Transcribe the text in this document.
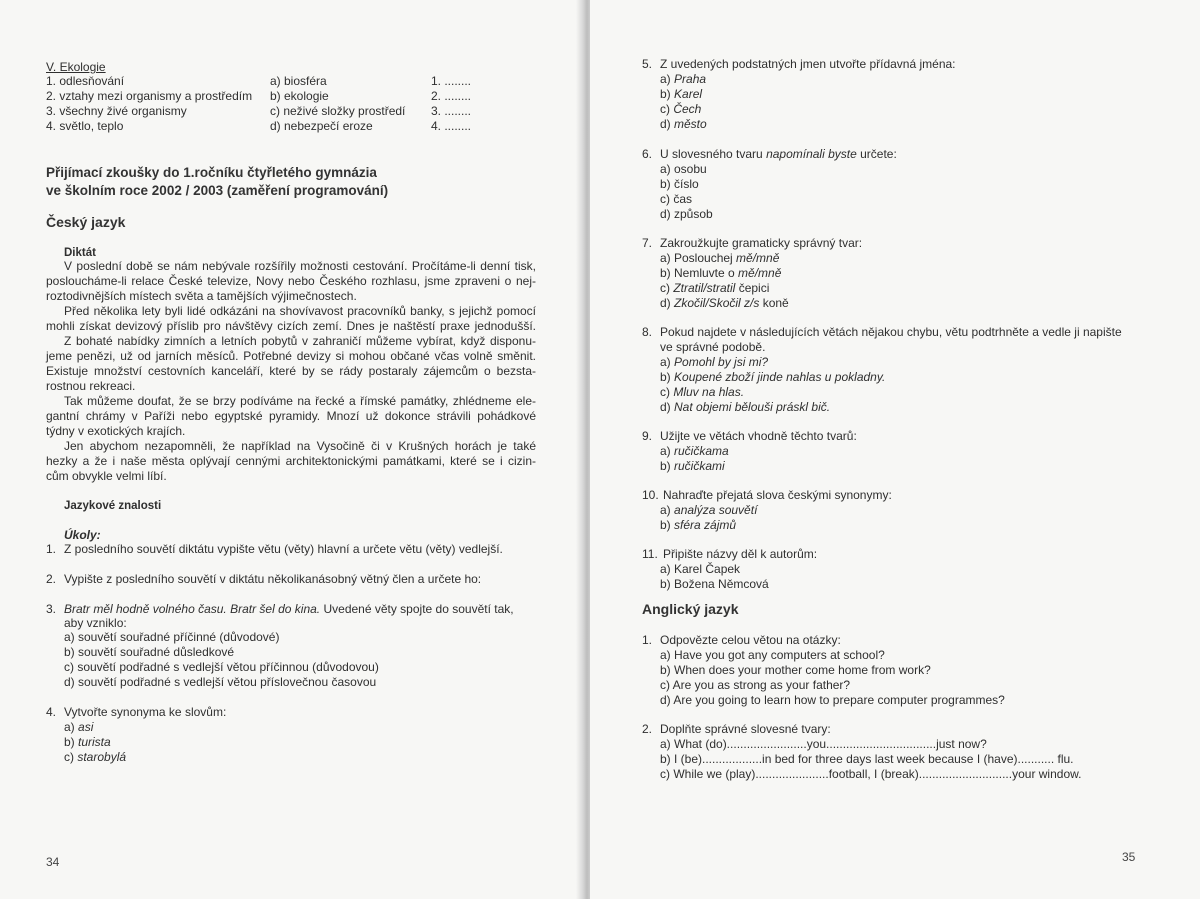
V. Ekologie
1. odlesňování
2. vztahy mezi organismy a prostředím
3. všechny živé organismy
4. světlo, teplo
a) biosféra
b) ekologie
c) neživé složky prostředí
d) nebezpečí eroze
1. ........
2. ........
3. ........
4. ........
Přijímací zkoušky do 1.ročníku čtyřletého gymnázia
ve školním roce 2002 / 2003 (zaměření programování)
Český jazyk
Diktát
V poslední době se nám nebývale rozšířily možnosti cestování. Pročítáme-li denní tisk,
posloucháme-li relace České televize, Novy nebo Českého rozhlasu, jsme zpraveni o nej-
roztodivnějších místech světa a tamějších výjimečnostech.
Před několika lety byli lidé odkázáni na shovívavost pracovníků banky, s jejichž pomocí
mohli získat devizový příslib pro návštěvy cizích zemí. Dnes je naštěstí praxe jednodušší.
Z bohaté nabídky zimních a letních pobytů v zahraničí můžeme vybírat, když disponu-
jeme penězi, už od jarních měsíců. Potřebné devizy si mohou občané včas volně směnit.
Existuje množství cestovních kanceláří, které by se rády postaraly zájemcům o bezsta-
rostnou rekreaci.
Tak můžeme doufat, že se brzy podíváme na řecké a římské památky, zhlédneme ele-
gantní chrámy v Paříži nebo egyptské pyramidy. Mnozí už dokonce strávili pohádkové
týdny v exotických krajích.
Jen abychom nezapomněli, že například na Vysočině či v Krušných horách je také
hezky a že i naše města oplývají cennými architektonickými památkami, které se i cizin-
cům obvykle velmi líbí.
Jazykové znalosti
Úkoly:
1. Z posledního souvětí diktátu vypište větu (věty) hlavní a určete větu (věty) vedlejší.
2. Vypište z posledního souvětí v diktátu několikanásobný větný člen a určete ho:
3. Bratr měl hodně volného času. Bratr šel do kina. Uvedené věty spojte do souvětí tak,
aby vzniklo:
a) souvětí souřadné příčinné (důvodové)
b) souvětí souřadné důsledkové
c) souvětí podřadné s vedlejší větou příčinnou (důvodovou)
d) souvětí podřadné s vedlejší větou příslovečnou časovou
4. Vytvořte synonyma ke slovům:
a) asi
b) turista
c) starobylá
34
5. Z uvedených podstatných jmen utvořte přídavná jména:
a) Praha
b) Karel
c) Čech
d) město
6. U slovesného tvaru napomínali byste určete:
a) osobu
b) číslo
c) čas
d) způsob
7. Zakroužkujte gramaticky správný tvar:
a) Poslouchej mě/mně
b) Nemluvte o mě/mně
c) Ztratil/stratil čepici
d) Zkočil/Skočil z/s koně
8. Pokud najdete v následujících větách nějakou chybu, větu podtrhněte a vedle ji napište
ve správné podobě.
a) Pomohl by jsi mi?
b) Koupené zboží jinde nahlas u pokladny.
c) Mluv na hlas.
d) Nat objemi bělouši práskl bič.
9. Užijte ve větách vhodně těchto tvarů:
a) ručičkama
b) ručičkami
10. Nahraďte přejatá slova českými synonymy:
a) analýza souvětí
b) sféra zájmů
11. Připište názvy děl k autorům:
a) Karel Čapek
b) Božena Němcová
Anglický jazyk
1. Odpovězte celou větou na otázky:
a) Have you got any computers at school?
b) When does your mother come home from work?
c) Are you as strong as your father?
d) Are you going to learn how to prepare computer programmes?
2. Doplňte správné slovesné tvary:
a) What (do)........................you.................................just now?
b) I (be)..................in bed for three days last week because I (have)........... flu.
c) While we (play)......................football, I (break)............................your window.
35
